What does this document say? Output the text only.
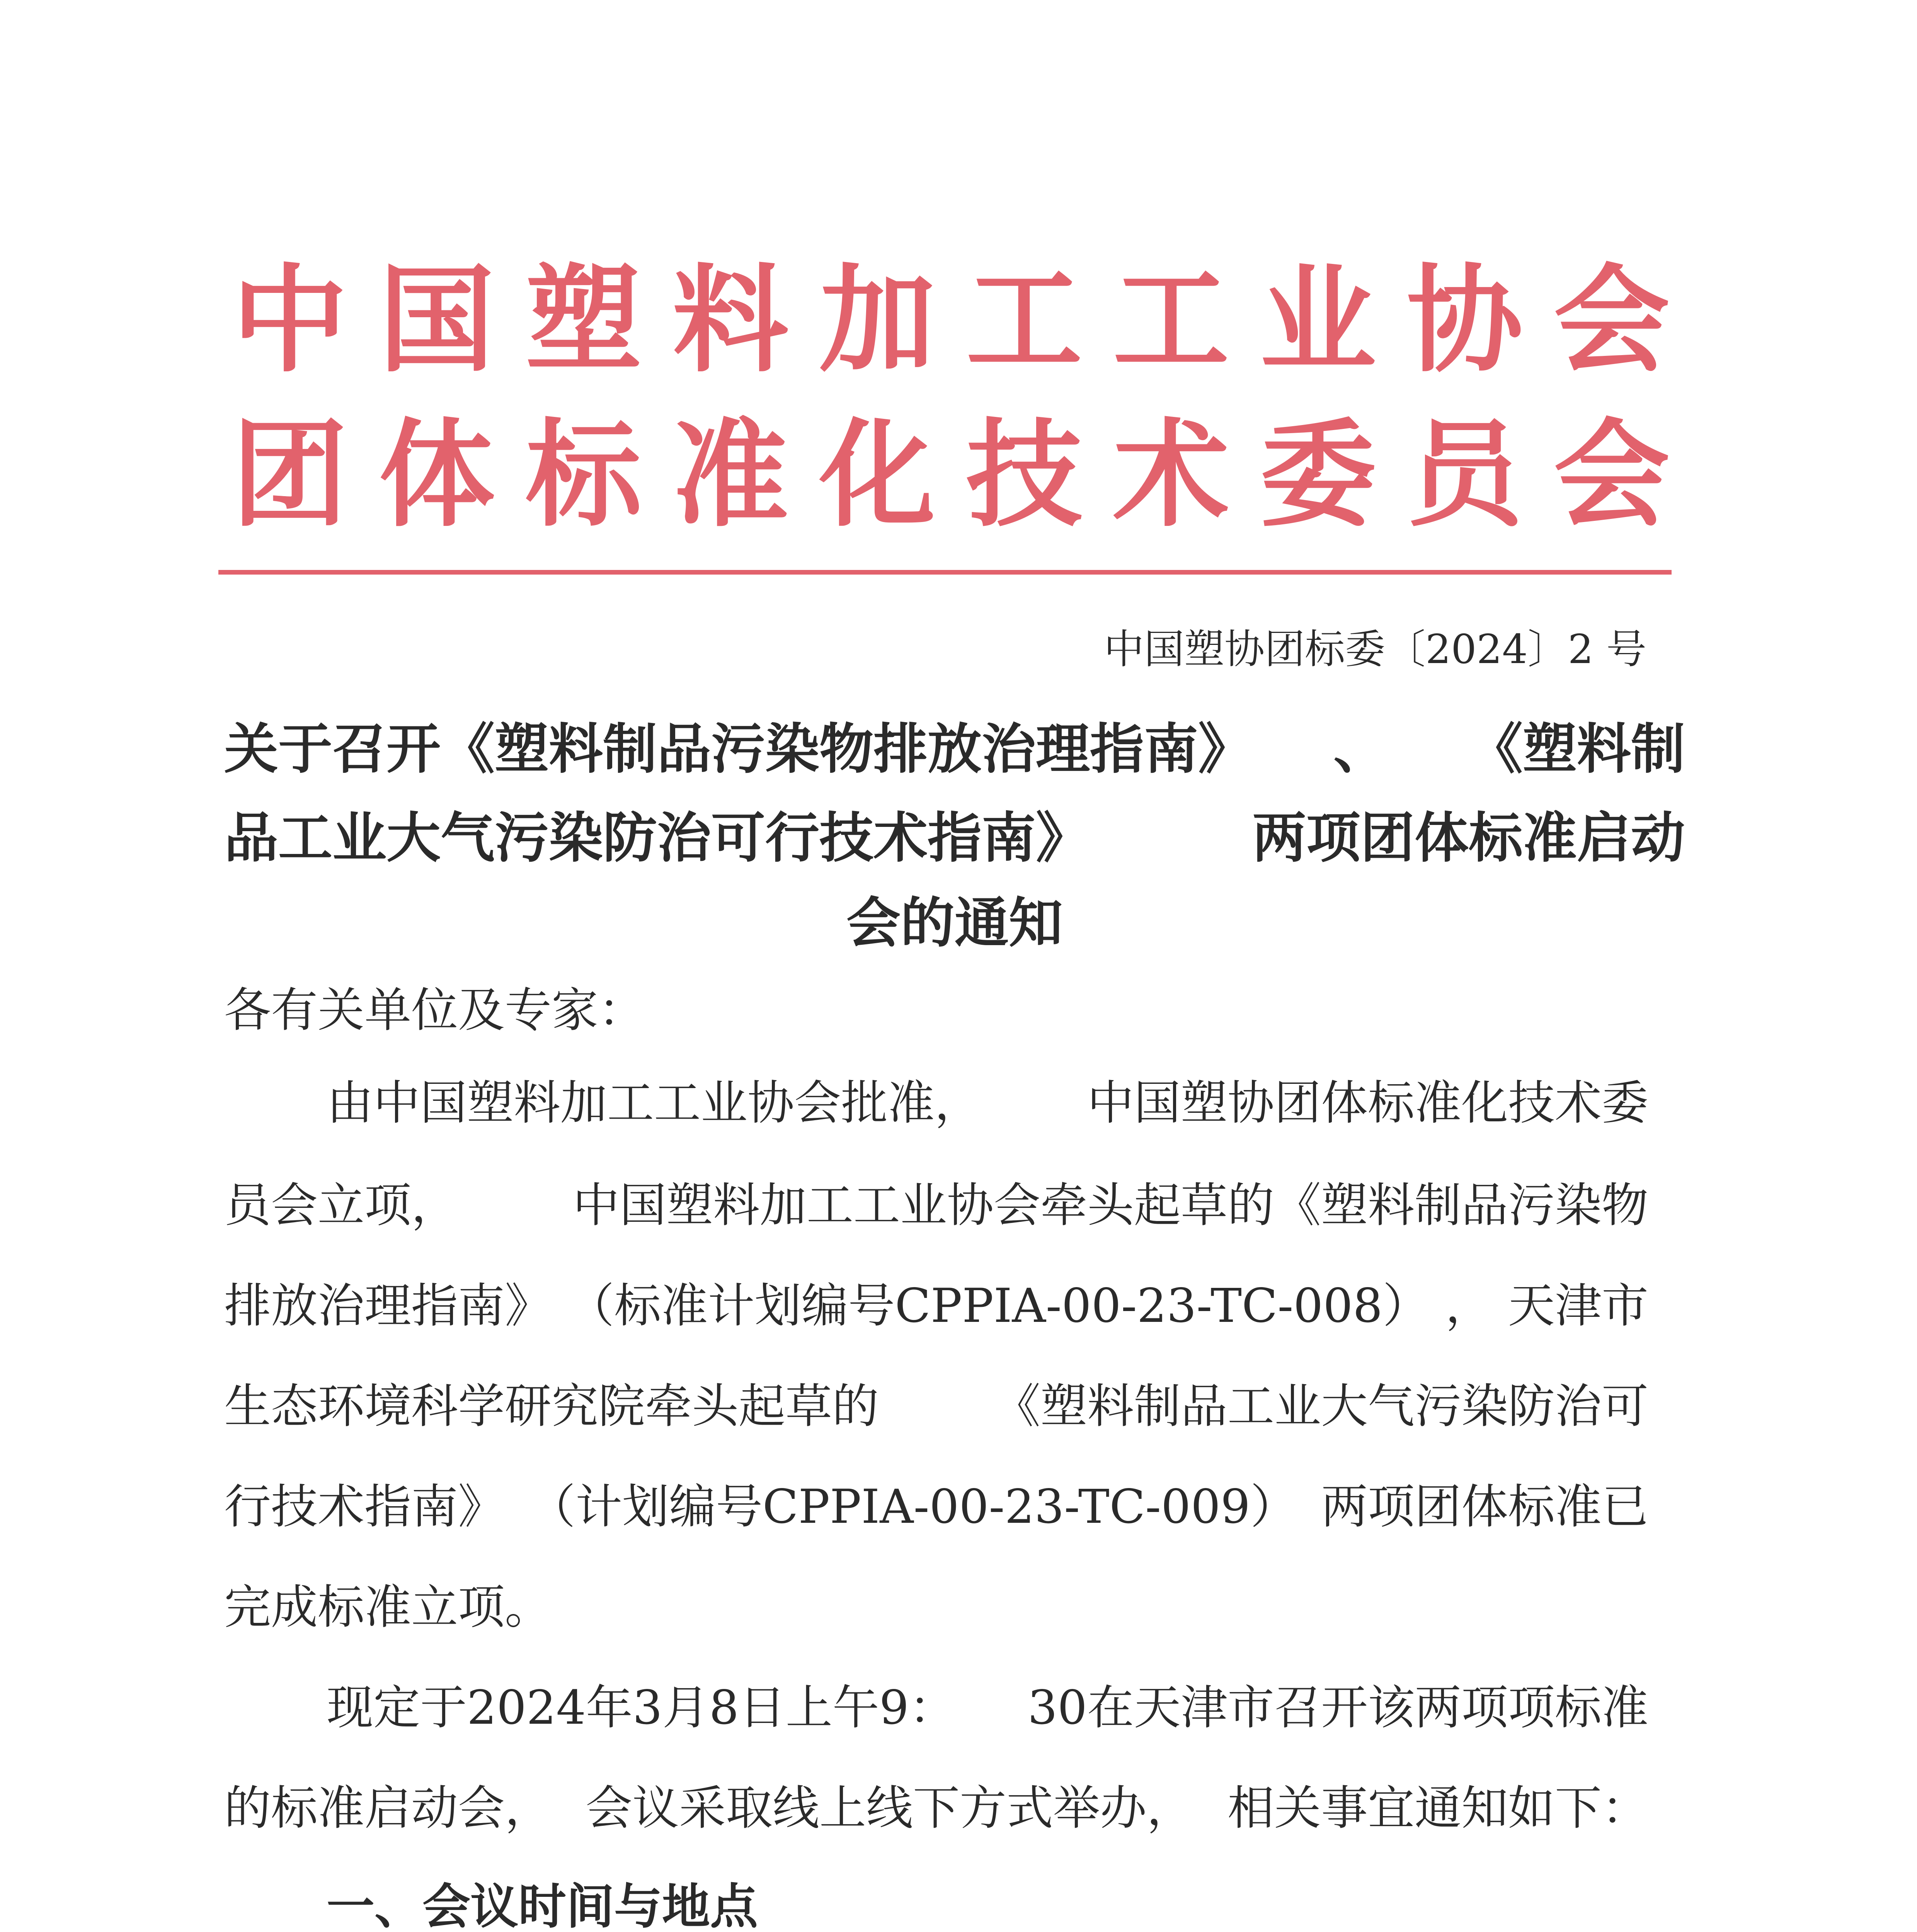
中 国 塑 料 加 工 工 业 协 会
团 体 标 准 化 技 术 委 员 会
中国塑协团标委〔2024〕2 号
关于召开《塑料制品污染物排放治理指南》 、 《塑料制
品工业大气污染防治可行技术指南》	两项团体标准启动
会的通知
各有关单位及专家：
由中国塑料加工工业协会批准， 中国塑协团体标准化技术委
员会立项， 中国塑料加工工业协会牵头起草的《塑料制品污染物
排放治理指南》 （标准计划编号CPPIA-00-23-TC-008） ， 天津市
生态环境科学研究院牵头起草的 《塑料制品工业大气污染防治可
行技术指南》 （计划编号CPPIA-00-23-TC-009） 两项团体标准已
完成标准立项。
现定于2024年3月8日上午9： 30在天津市召开该两项项标准
的标准启动会， 会议采取线上线下方式举办， 相关事宜通知如下：
一、会议时间与地点
